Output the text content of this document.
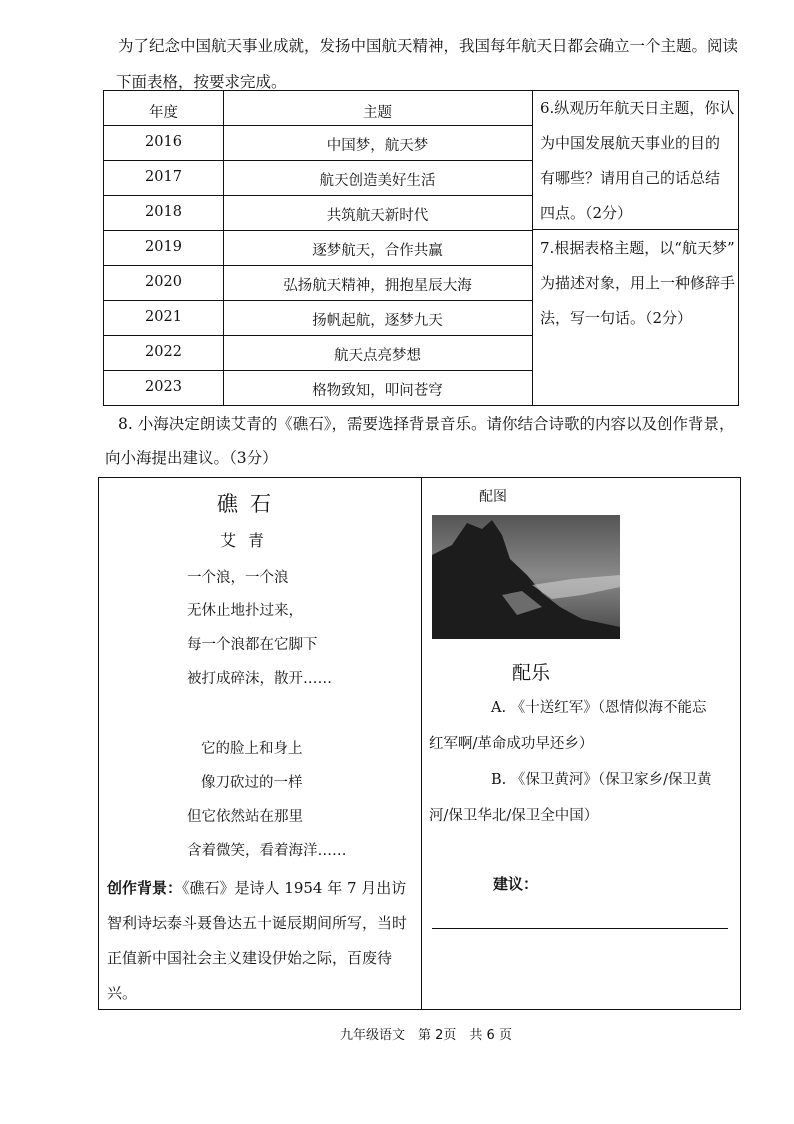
为了纪念中国航天事业成就，发扬中国航天精神，我国每年航天日都会确立一个主题。阅读
下面表格，按要求完成。
年度	主题
2016	中国梦，航天梦
2017	航天创造美好生活
2018	共筑航天新时代
2019	逐梦航天，合作共赢
2020	弘扬航天精神，拥抱星辰大海
2021	扬帆起航，逐梦九天
2022	航天点亮梦想
2023	格物致知，叩问苍穹
6.纵观历年航天日主题，你认
为中国发展航天事业的目的
有哪些？请用自己的话总结
四点。（2分）
7.根据表格主题，以“航天梦”
为描述对象，用上一种修辞手
法，写一句话。（2分）
8. 小海决定朗读艾青的《礁石》，需要选择背景音乐。请你结合诗歌的内容以及创作背景，
向小海提出建议。（3分）
礁石
艾青
一个浪，一个浪
无休止地扑过来，
每一个浪都在它脚下
被打成碎沫，散开……
它的脸上和身上
像刀砍过的一样
但它依然站在那里
含着微笑，看着海洋……
创作背景：《礁石》是诗人 1954 年 7 月出访
智利诗坛泰斗聂鲁达五十诞辰期间所写，当时
正值新中国社会主义建设伊始之际，百废待
兴。
配图
配乐
A. 《十送红军》（恩情似海不能忘
红军啊/革命成功早还乡）
B. 《保卫黄河》（保卫家乡/保卫黄
河/保卫华北/保卫全中国）
建议：
九年级语文　第 2页　共 6 页
